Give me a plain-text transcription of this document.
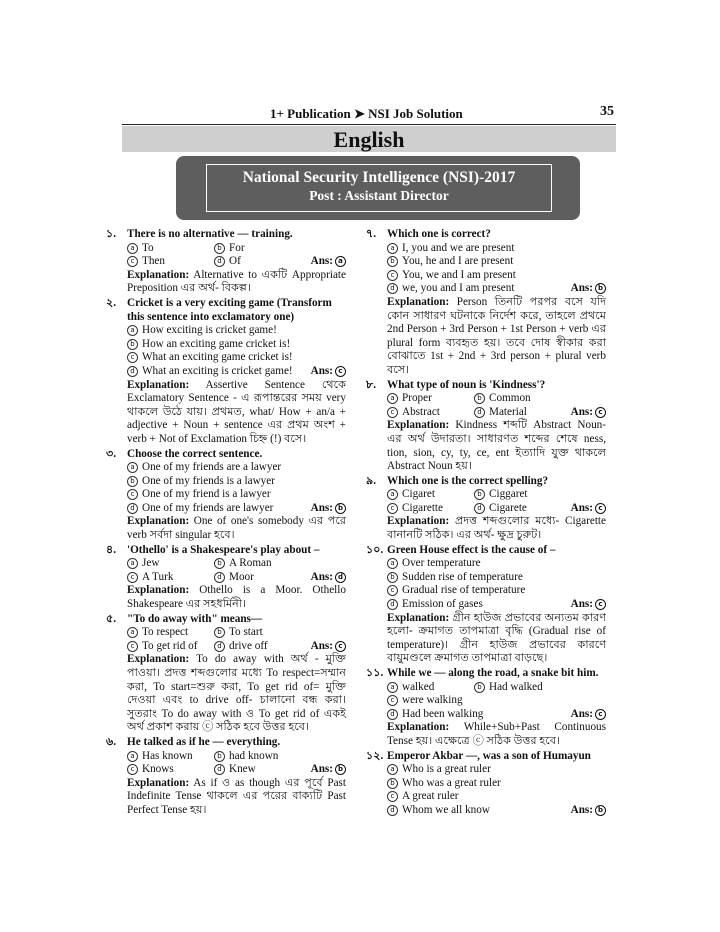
1+ Publication ➤ NSI Job Solution	35
English
National Security Intelligence (NSI)-2017
Post : Assistant Director
১. There is no alternative — training.
a To	b For
c Then	d Of	Ans: a
Explanation: Alternative to একটি Appropriate Preposition এর অর্থ- বিকল্প।
২. Cricket is a very exciting game (Transform this sentence into exclamatory one)
a How exciting is cricket game!
b How an exciting game cricket is!
c What an exciting game cricket is!
d What an exciting is cricket game! Ans: c
Explanation: Assertive Sentence থেকে Exclamatory Sentence - এ রূপান্তরের সময় very থাকলে উঠে যায়। প্রথমত, what/ How + an/a + adjective + Noun + sentence এর প্রথম অংশ + verb + Not of Exclamation চিহ্ন (!) বসে।
৩. Choose the correct sentence.
a One of my friends are a lawyer
b One of my friends is a lawyer
c One of my friend is a lawyer
d One of my friends are lawyer	Ans: b
Explanation: One of one's somebody এর পরে verb সর্বদা singular হবে।
৪. 'Othello' is a Shakespeare's play about –
a Jew	b A Roman
c A Turk	d Moor	Ans: d
Explanation: Othello is a Moor. Othello Shakespeare এর সহধর্মিনী।
৫. "To do away with" means—
a To respect	b To start
c To get rid of	d drive off	Ans: c
Explanation: To do away with অর্থ - মুক্তি পাওয়া। প্রদত্ত শব্দগুলোর মধ্যে To respect=সম্মান করা, To start=শুরু করা, To get rid of= মুক্তি দেওয়া এবং to drive off- চালানো বন্ধ করা। সুতরাং To do away with ও To get rid of একই অর্থ প্রকাশ করায় ⓒ সঠিক হবে উত্তর হবে।
৬. He talked as if he — everything.
a Has known	b had known
c Knows	d Knew	Ans: b
Explanation: As if ও as though এর পূর্বে Past Indefinite Tense থাকলে এর পরের বাক্যটি Past Perfect Tense হয়।
৭. Which one is correct?
a I, you and we are present
b You, he and I are present
c You, we and I am present
d we, you and I am present	Ans: b
Explanation: Person তিনটি পরপর বসে যদি কোন সাধারণ ঘটনাকে নির্দেশ করে, তাহলে প্রথমে 2nd Person + 3rd Person + 1st Person + verb এর plural form ব্যবহৃত হয়। তবে দোষ স্বীকার করা বোঝাতে 1st + 2nd + 3rd person + plural verb বসে।
৮. What type of noun is 'Kindness'?
a Proper	b Common
c Abstract	d Material	Ans: c
Explanation: Kindness শব্দটি Abstract Noun-এর অর্থ উদারতা। সাধারণত শব্দের শেষে ness, tion, sion, cy, ty, ce, ent ইত্যাদি যুক্ত থাকলে Abstract Noun হয়।
৯. Which one is the correct spelling?
a Cigaret	b Ciggaret
c Cigarette	d Cigarete	Ans: c
Explanation: প্রদত্ত শব্দগুলোর মধ্যে- Cigarette বানানটি সঠিক। এর অর্থ- ক্ষুদ্র চুরুট।
১০. Green House effect is the cause of –
a Over temperature
b Sudden rise of temperature
c Gradual rise of temperature
d Emission of gases	Ans: c
Explanation: গ্রীন হাউজ প্রভাবের অন্যতম কারণ হলো- ক্রমাগত তাপমাত্রা বৃদ্ধি (Gradual rise of temperature)। গ্রীন হাউজ প্রভাবের কারণে বায়ুমণ্ডলে ক্রমাগত তাপমাত্রা বাড়ছে।
১১. While we — along the road, a snake bit him.
a walked	b Had walked
c were walking
d Had been walking	Ans: c
Explanation: While+Sub+Past Continuous Tense হয়। এক্ষেত্রে ⓒ সঠিক উত্তর হবে।
১২. Emperor Akbar —, was a son of Humayun
a Who is a great ruler
b Who was a great ruler
c A great ruler
d Whom we all know	Ans: b
